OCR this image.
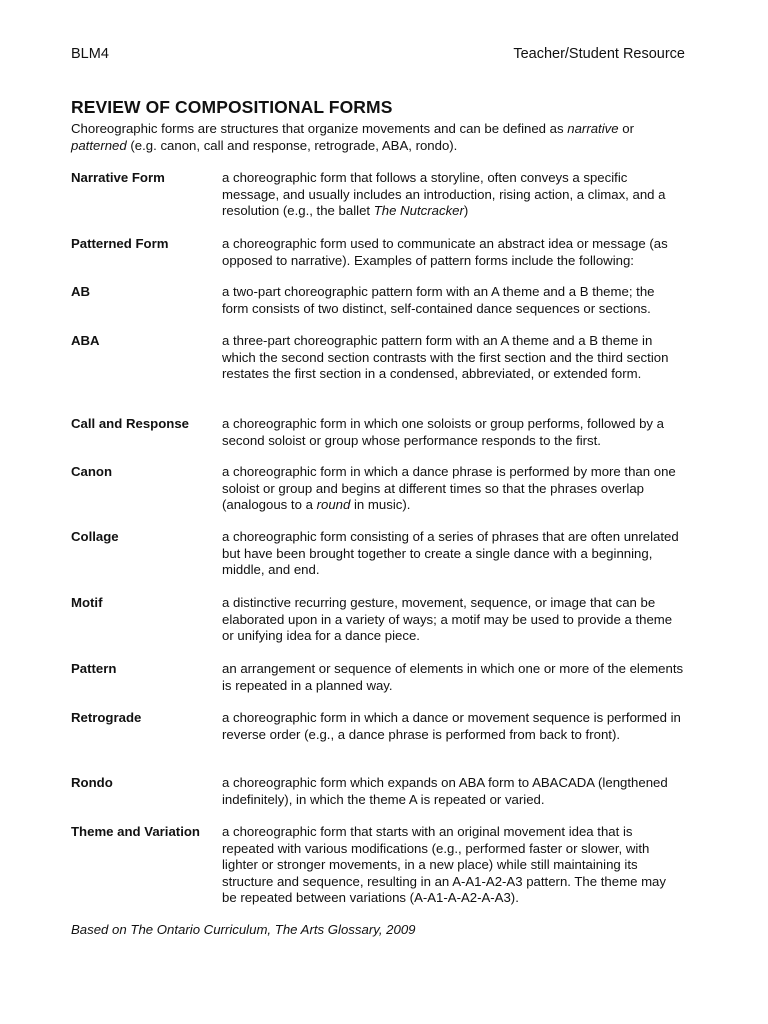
BLM4	Teacher/Student Resource
REVIEW OF COMPOSITIONAL FORMS
Choreographic forms are structures that organize movements and can be defined as narrative or patterned (e.g. canon, call and response, retrograde, ABA, rondo).
Narrative Form	a choreographic form that follows a storyline, often conveys a specific message, and usually includes an introduction, rising action, a climax, and a resolution (e.g., the ballet The Nutcracker)
Patterned Form	a choreographic form used to communicate an abstract idea or message (as opposed to narrative). Examples of pattern forms include the following:
AB	a two-part choreographic pattern form with an A theme and a B theme; the form consists of two distinct, self-contained dance sequences or sections.
ABA	a three-part choreographic pattern form with an A theme and a B theme in which the second section contrasts with the first section and the third section restates the first section in a condensed, abbreviated, or extended form.
Call and Response	a choreographic form in which one soloists or group performs, followed by a second soloist or group whose performance responds to the first.
Canon	a choreographic form in which a dance phrase is performed by more than one soloist or group and begins at different times so that the phrases overlap (analogous to a round in music).
Collage	a choreographic form consisting of a series of phrases that are often unrelated but have been brought together to create a single dance with a beginning, middle, and end.
Motif	a distinctive recurring gesture, movement, sequence, or image that can be elaborated upon in a variety of ways; a motif may be used to provide a theme or unifying idea for a dance piece.
Pattern	an arrangement or sequence of elements in which one or more of the elements is repeated in a planned way.
Retrograde	a choreographic form in which a dance or movement sequence is performed in reverse order (e.g., a dance phrase is performed from back to front).
Rondo	a choreographic form which expands on ABA form to ABACADA (lengthened indefinitely), in which the theme A is repeated or varied.
Theme and Variation	a choreographic form that starts with an original movement idea that is repeated with various modifications (e.g., performed faster or slower, with lighter or stronger movements, in a new place) while still maintaining its structure and sequence, resulting in an A-A1-A2-A3 pattern. The theme may be repeated between variations (A-A1-A-A2-A-A3).
Based on The Ontario Curriculum, The Arts Glossary, 2009
